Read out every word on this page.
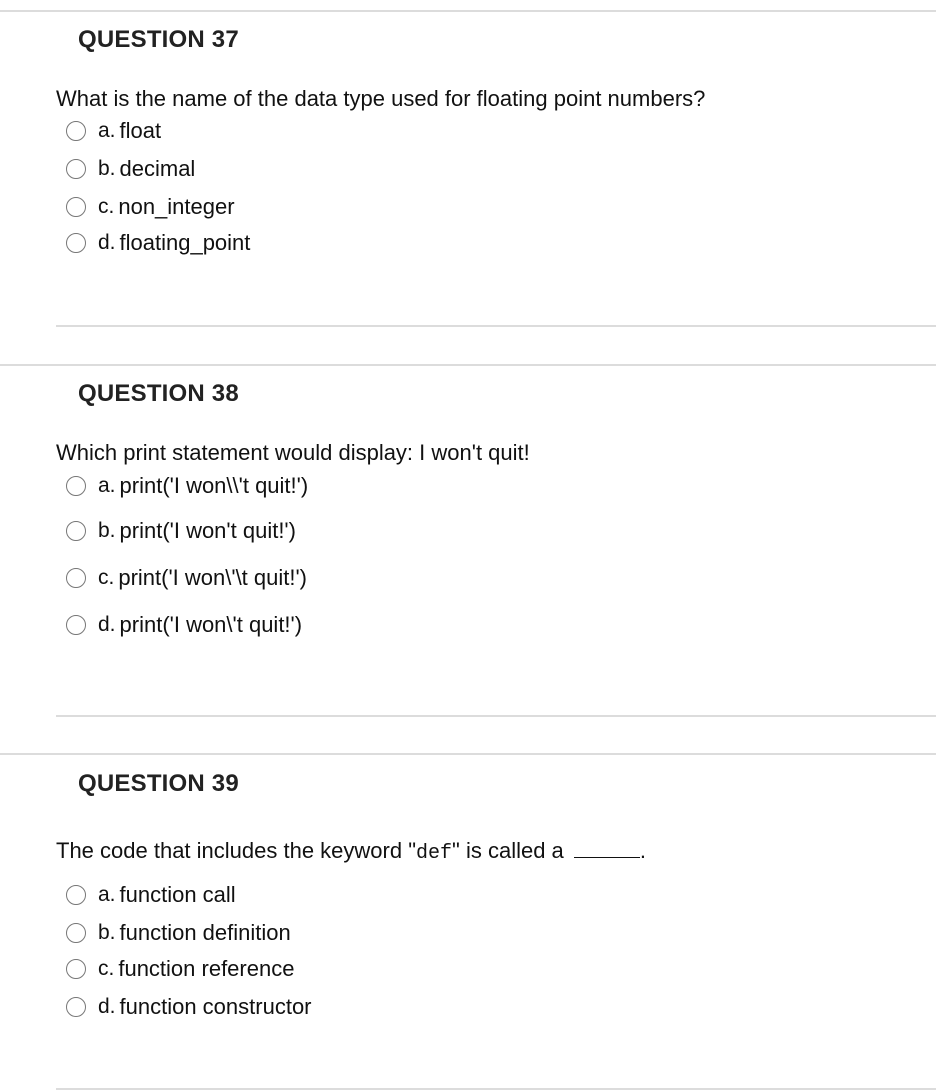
QUESTION 37
What is the name of the data type used for floating point numbers?
a. float
b. decimal
c. non_integer
d. floating_point
QUESTION 38
Which print statement would display: I won't quit!
a. print('I won\\'t quit!')
b. print('I won't quit!')
c. print('I won\'\t quit!')
d. print('I won\'t quit!')
QUESTION 39
The code that includes the keyword "def" is called a	.
a. function call
b. function definition
c. function reference
d. function constructor
